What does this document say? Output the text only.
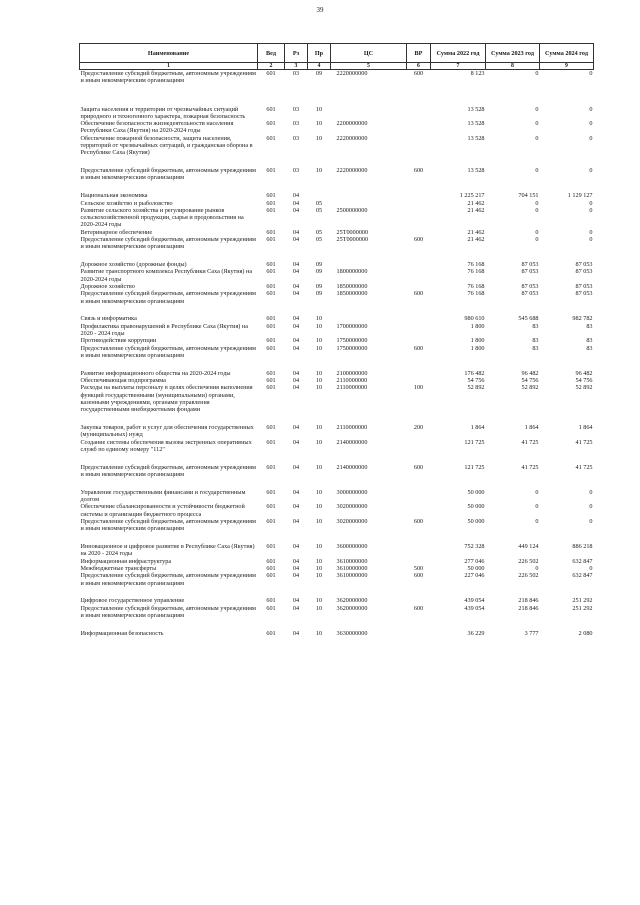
39
Наименование	Вед	Рз	Пр	ЦС	ВР	Сумма 2022 год	Сумма 2023 год	Сумма 2024 год
1	2	3	4	5	6	7	8	9
Предоставление субсидий бюджетным, автономным учреждениям и иным некоммерческим организациям	601	03	09	2220000000	600	8 123	0	0

Защита населения и территории от чрезвычайных ситуаций природного и техногенного характера, пожарная безопасность	601	03	10			13 528	0	0
Обеспечение безопасности жизнедеятельности населения Республики Саха (Якутия) на 2020-2024 годы	601	03	10	2200000000		13 528	0	0
Обеспечение пожарной безопасности, защита населения, территорий от чрезвычайных ситуаций, и гражданская оборона в Республике Саха (Якутия)	601	03	10	2220000000		13 528	0	0

Предоставление субсидий бюджетным, автономным учреждениям и иным некоммерческим организациям	601	03	10	2220000000	600	13 528	0	0

Национальная экономика	601	04				1 225 217	704 151	1 129 127
Сельское хозяйство и рыболовство	601	04	05			21 462	0	0
Развитие сельского хозяйства и регулирование рынков сельскохозяйственной продукции, сырья и продовольствия на 2020-2024 годы	601	04	05	2500000000		21 462	0	0
Ветеринарное обеспечение	601	04	05	25Т0000000		21 462	0	0
Предоставление субсидий бюджетным, автономным учреждениям и иным некоммерческим организациям	601	04	05	25Т0000000	600	21 462	0	0

Дорожное хозяйство (дорожные фонды)	601	04	09			76 168	87 053	87 053
Развитие транспортного комплекса Республики Саха (Якутия) на 2020-2024 годы	601	04	09	1800000000		76 168	87 053	87 053
Дорожное хозяйство	601	04	09	1850000000		76 168	87 053	87 053
Предоставление субсидий бюджетным, автономным учреждениям и иным некоммерческим организациям	601	04	09	1850000000	600	76 168	87 053	87 053

Связь и информатика	601	04	10			980 610	545 688	982 782
Профилактика правонарушений в Республике Саха (Якутия) на 2020 - 2024 годы	601	04	10	1700000000		1 800	83	83
Противодействие коррупции	601	04	10	1750000000		1 800	83	83
Предоставление субсидий бюджетным, автономным учреждениям и иным некоммерческим организациям	601	04	10	1750000000	600	1 800	83	83

Развитие информационного общества на 2020-2024 годы	601	04	10	2100000000		176 482	96 482	96 482
Обеспечивающая подпрограмма	601	04	10	2110000000		54 756	54 756	54 756
Расходы на выплаты персоналу в целях обеспечения выполнения функций государственными (муниципальными) органами, казенными учреждениями, органами управления государственными внебюджетными фондами	601	04	10	2110000000	100	52 892	52 892	52 892

Закупка товаров, работ и услуг для обеспечения государственных (муниципальных) нужд	601	04	10	2110000000	200	1 864	1 864	1 864
Создание системы обеспечения вызова экстренных оперативных служб по единому номеру "112"	601	04	10	2140000000		121 725	41 725	41 725

Предоставление субсидий бюджетным, автономным учреждениям и иным некоммерческим организациям	601	04	10	2140000000	600	121 725	41 725	41 725

Управление государственными финансами и государственным долгом	601	04	10	3000000000		50 000	0	0
Обеспечение сбалансированности и устойчивости бюджетной системы и организация бюджетного процесса	601	04	10	3020000000		50 000	0	0
Предоставление субсидий бюджетным, автономным учреждениям и иным некоммерческим организациям	601	04	10	3020000000	600	50 000	0	0

Инновационное и цифровое развитие в Республике Саха (Якутия) на 2020 - 2024 годы	601	04	10	3600000000		752 328	449 124	886 218
Информационная инфраструктура	601	04	10	3610000000		277 046	226 502	632 847
Межбюджетные трансферты	601	04	10	3610000000	500	50 000	0	0
Предоставление субсидий бюджетным, автономным учреждениям и иным некоммерческим организациям	601	04	10	3610000000	600	227 046	226 502	632 847

Цифровое государственное управление	601	04	10	3620000000		439 054	218 846	251 292
Предоставление субсидий бюджетным, автономным учреждениям и иным некоммерческим организациям	601	04	10	3620000000	600	439 054	218 846	251 292

Информационная безопасность	601	04	10	3630000000		36 229	3 777	2 080
